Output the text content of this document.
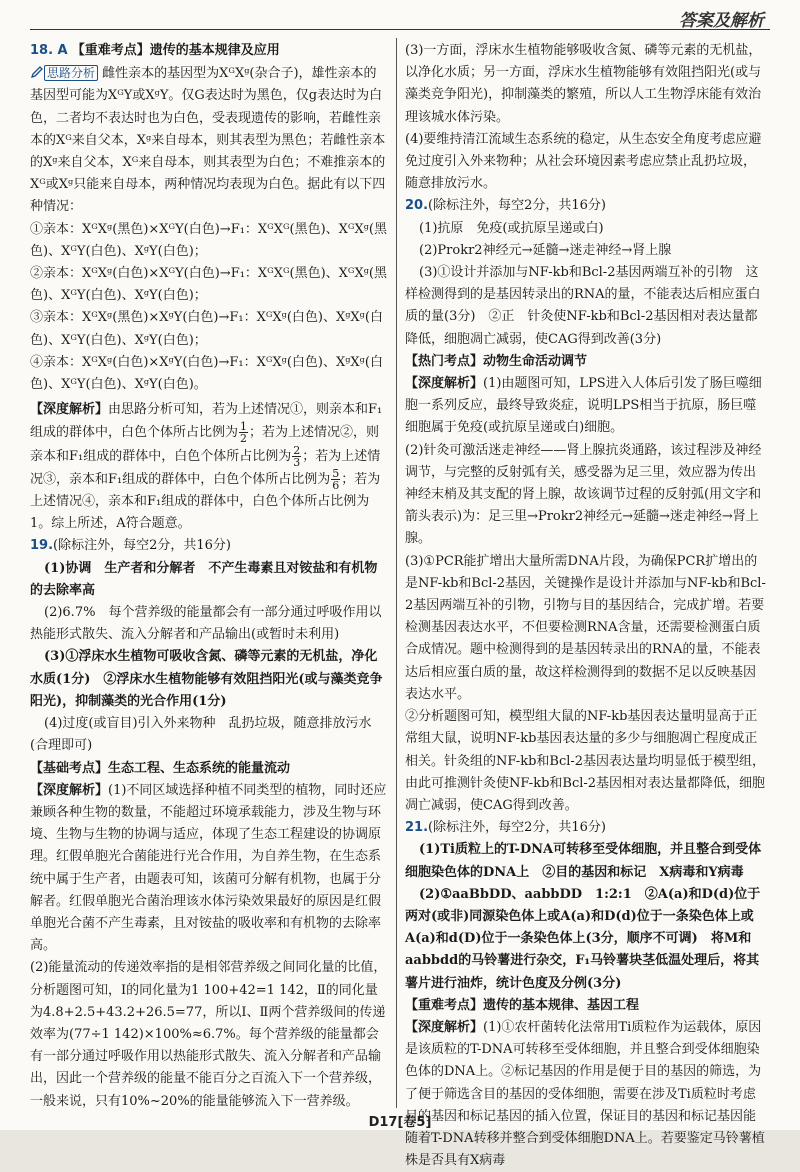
答案及解析

18. A 【重难考点】遗传的基本规律及应用

思路分析 雌性亲本的基因型为XᴳXᵍ(杂合子)，雄性亲本的基因型可能为XᴳY或XᵍY。仅G表达时为黑色，仅g表达时为白色，二者均不表达时也为白色，受表现遗传的影响，若雌性亲本的Xᴳ来自父本，Xᵍ来自母本，则其表型为黑色；若雌性亲本的Xᵍ来自父本，Xᴳ来自母本，则其表型为白色；不难推亲本的Xᴳ或Xᵍ只能来自母本，两种情况均表现为白色。据此有以下四种情况：

①亲本：XᴳXᵍ(黑色)×XᴳY(白色)→F₁：XᴳXᴳ(黑色)、XᴳXᵍ(黑色)、XᴳY(白色)、XᵍY(白色)；

②亲本：XᴳXᵍ(白色)×XᴳY(白色)→F₁：XᴳXᴳ(黑色)、XᴳXᵍ(黑色)、XᴳY(白色)、XᵍY(白色)；

③亲本：XᴳXᵍ(黑色)×XᵍY(白色)→F₁：XᴳXᵍ(白色)、XᵍXᵍ(白色)、XᴳY(白色)、XᵍY(白色)；

④亲本：XᴳXᵍ(白色)×XᵍY(白色)→F₁：XᴳXᵍ(白色)、XᵍXᵍ(白色)、XᴳY(白色)、XᵍY(白色)。

【深度解析】由思路分析可知，若为上述情况①，则亲本和F₁组成的群体中，白色个体所占比例为 $\frac{1}{2}$ ；若为上述情况②，则亲本和F₁组成的群体中，白色个体所占比例为 $\frac{2}{3}$ ；若为上述情况③，亲本和F₁组成的群体中，白色个体所占比例为 $\frac{5}{6}$ ；若为上述情况④，亲本和F₁组成的群体中，白色个体所占比例为1。综上所述，A符合题意。

19.(除标注外，每空2分，共16分)

(1)协调　生产者和分解者　不产生毒素且对铵盐和有机物的去除率高

(2)6.7%　每个营养级的能量都会有一部分通过呼吸作用以热能形式散失、流入分解者和产品输出(或暂时未利用)

(3)①浮床水生植物可吸收含氮、磷等元素的无机盐，净化水质(1分)　②浮床水生植物能够有效阻挡阳光(或与藻类竞争阳光)，抑制藻类的光合作用(1分)

(4)过度(或盲目)引入外来物种　乱扔垃圾，随意排放污水(合理即可)

【基础考点】生态工程、生态系统的能量流动

【深度解析】(1)不同区域选择种植不同类型的植物，同时还应兼顾各种生物的数量，不能超过环境承载能力，涉及生物与环境、生物与生物的协调与适应，体现了生态工程建设的协调原理。红假单胞光合菌能进行光合作用，为自养生物，在生态系统中属于生产者，由题表可知，该菌可分解有机物，也属于分解者。红假单胞光合菌治理该水体污染效果最好的原因是红假单胞光合菌不产生毒素，且对铵盐的吸收率和有机物的去除率高。

(2)能量流动的传递效率指的是相邻营养级之间同化量的比值，分析题图可知，Ⅰ的同化量为1 100+42=1 142，Ⅱ的同化量为4.8+2.5+43.2+26.5=77，所以Ⅰ、Ⅱ两个营养级间的传递效率为(77÷1 142)×100%≈6.7%。每个营养级的能量都会有一部分通过呼吸作用以热能形式散失、流入分解者和产品输出，因此一个营养级的能量不能百分之百流入下一个营养级，一般来说，只有10%~20%的能量能够流入下一营养级。

(3)一方面，浮床水生植物能够吸收含氮、磷等元素的无机盐，以净化水质；另一方面，浮床水生植物能够有效阻挡阳光(或与藻类竞争阳光)，抑制藻类的繁殖，所以人工生物浮床能有效治理该城水体污染。

(4)要维持清江流域生态系统的稳定，从生态安全角度考虑应避免过度引入外来物种；从社会环境因素考虑应禁止乱扔垃圾，随意排放污水。

20.(除标注外，每空2分，共16分)

(1)抗原　免疫(或抗原呈递或白)

(2)Prokr2神经元→延髓→迷走神经→肾上腺

(3)①设计并添加与NF-kb和Bcl-2基因两端互补的引物　这样检测得到的是基因转录出的RNA的量，不能表达后相应蛋白质的量(3分)　②正　针灸使NF-kb和Bcl-2基因相对表达量都降低，细胞凋亡减弱，使CAG得到改善(3分)

【热门考点】动物生命活动调节

【深度解析】(1)由题图可知，LPS进入人体后引发了肠巨噬细胞一系列反应，最终导致炎症，说明LPS相当于抗原，肠巨噬细胞属于免疫(或抗原呈递或白)细胞。

(2)针灸可激活迷走神经——肾上腺抗炎通路，该过程涉及神经调节，与完整的反射弧有关，感受器为足三里，效应器为传出神经末梢及其支配的肾上腺，故该调节过程的反射弧(用文字和箭头表示)为：足三里→Prokr2神经元→延髓→迷走神经→肾上腺。

(3)①PCR能扩增出大量所需DNA片段，为确保PCR扩增出的是NF-kb和Bcl-2基因，关键操作是设计并添加与NF-kb和Bcl-2基因两端互补的引物，引物与目的基因结合，完成扩增。若要检测基因表达水平，不但要检测RNA含量，还需要检测蛋白质合成情况。题中检测得到的是基因转录出的RNA的量，不能表达后相应蛋白质的量，故这样检测得到的数据不足以反映基因表达水平。

②分析题图可知，模型组大鼠的NF-kb基因表达量明显高于正常组大鼠，说明NF-kb基因表达量的多少与细胞凋亡程度成正相关。针灸组的NF-kb和Bcl-2基因表达量均明显低于模型组，由此可推测针灸使NF-kb和Bcl-2基因相对表达量都降低，细胞凋亡减弱，使CAG得到改善。

21.(除标注外，每空2分，共16分)

(1)Ti质粒上的T-DNA可转移至受体细胞，并且整合到受体细胞染色体的DNA上　②目的基因和标记　X病毒和Y病毒

(2)①aaBbDD、aabbDD　1:2:1　②A(a)和D(d)位于两对(或非)同源染色体上或A(a)和D(d)位于一条染色体上或A(a)和d(D)位于一条染色体上(3分，顺序不可调)　将M和aabbdd的马铃薯进行杂交，F₁马铃薯块茎低温处理后，将其薯片进行油炸，统计色度及分例(3分)

【重难考点】遗传的基本规律、基因工程

【深度解析】(1)①农杆菌转化法常用Ti质粒作为运载体，原因是该质粒的T-DNA可转移至受体细胞，并且整合到受体细胞染色体的DNA上。②标记基因的作用是便于目的基因的筛选，为了便于筛选含目的基因的受体细胞，需要在涉及Ti质粒时考虑目的基因和标记基因的插入位置，保证目的基因和标记基因能随着T-DNA转移并整合到受体细胞DNA上。若要鉴定马铃薯植株是否具有X病毒

D17[卷5]
